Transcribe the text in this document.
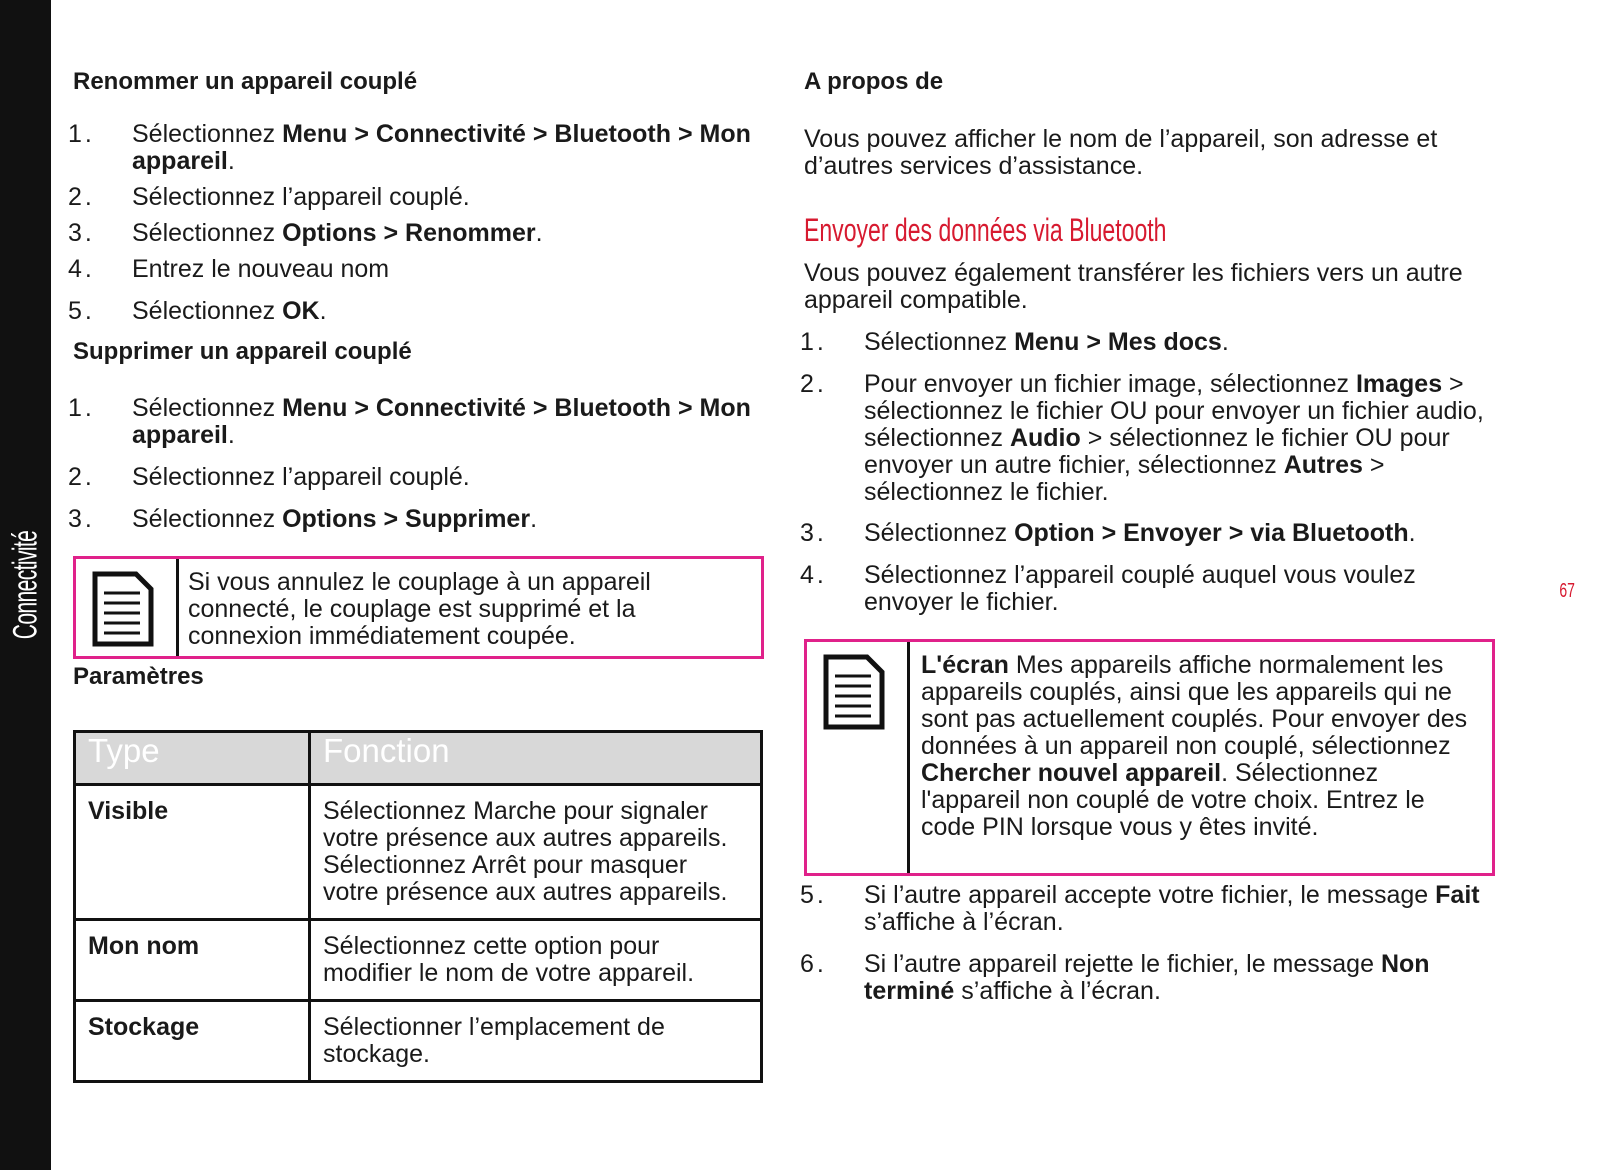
Connectivité	67
Renommer un appareil couplé
1. Sélectionnez Menu > Connectivité > Bluetooth > Mon appareil.
2. Sélectionnez l’appareil couplé.
3. Sélectionnez Options > Renommer.
4. Entrez le nouveau nom
5. Sélectionnez OK.
Supprimer un appareil couplé
1. Sélectionnez Menu > Connectivité > Bluetooth > Mon appareil.
2. Sélectionnez l’appareil couplé.
3. Sélectionnez Options > Supprimer.
Si vous annulez le couplage à un appareil connecté, le couplage est supprimé et la connexion immédiatement coupée.
Paramètres
Type	Fonction
Visible	Sélectionnez Marche pour signaler votre présence aux autres appareils. Sélectionnez Arrêt pour masquer votre présence aux autres appareils.
Mon nom	Sélectionnez cette option pour modifier le nom de votre appareil.
Stockage	Sélectionner l’emplacement de stockage.
A propos de
Vous pouvez afficher le nom de l’appareil, son adresse et d’autres services d’assistance.
Envoyer des données via Bluetooth
Vous pouvez également transférer les fichiers vers un autre appareil compatible.
1. Sélectionnez Menu > Mes docs.
2. Pour envoyer un fichier image, sélectionnez Images > sélectionnez le fichier OU pour envoyer un fichier audio, sélectionnez Audio > sélectionnez le fichier OU pour envoyer un autre fichier, sélectionnez Autres > sélectionnez le fichier.
3. Sélectionnez Option > Envoyer > via Bluetooth.
4. Sélectionnez l’appareil couplé auquel vous voulez envoyer le fichier.
L'écran Mes appareils affiche normalement les appareils couplés, ainsi que les appareils qui ne sont pas actuellement couplés. Pour envoyer des données à un appareil non couplé, sélectionnez Chercher nouvel appareil. Sélectionnez l'appareil non couplé de votre choix. Entrez le code PIN lorsque vous y êtes invité.
5. Si l’autre appareil accepte votre fichier, le message Fait s’affiche à l’écran.
6. Si l’autre appareil rejette le fichier, le message Non terminé s’affiche à l’écran.
